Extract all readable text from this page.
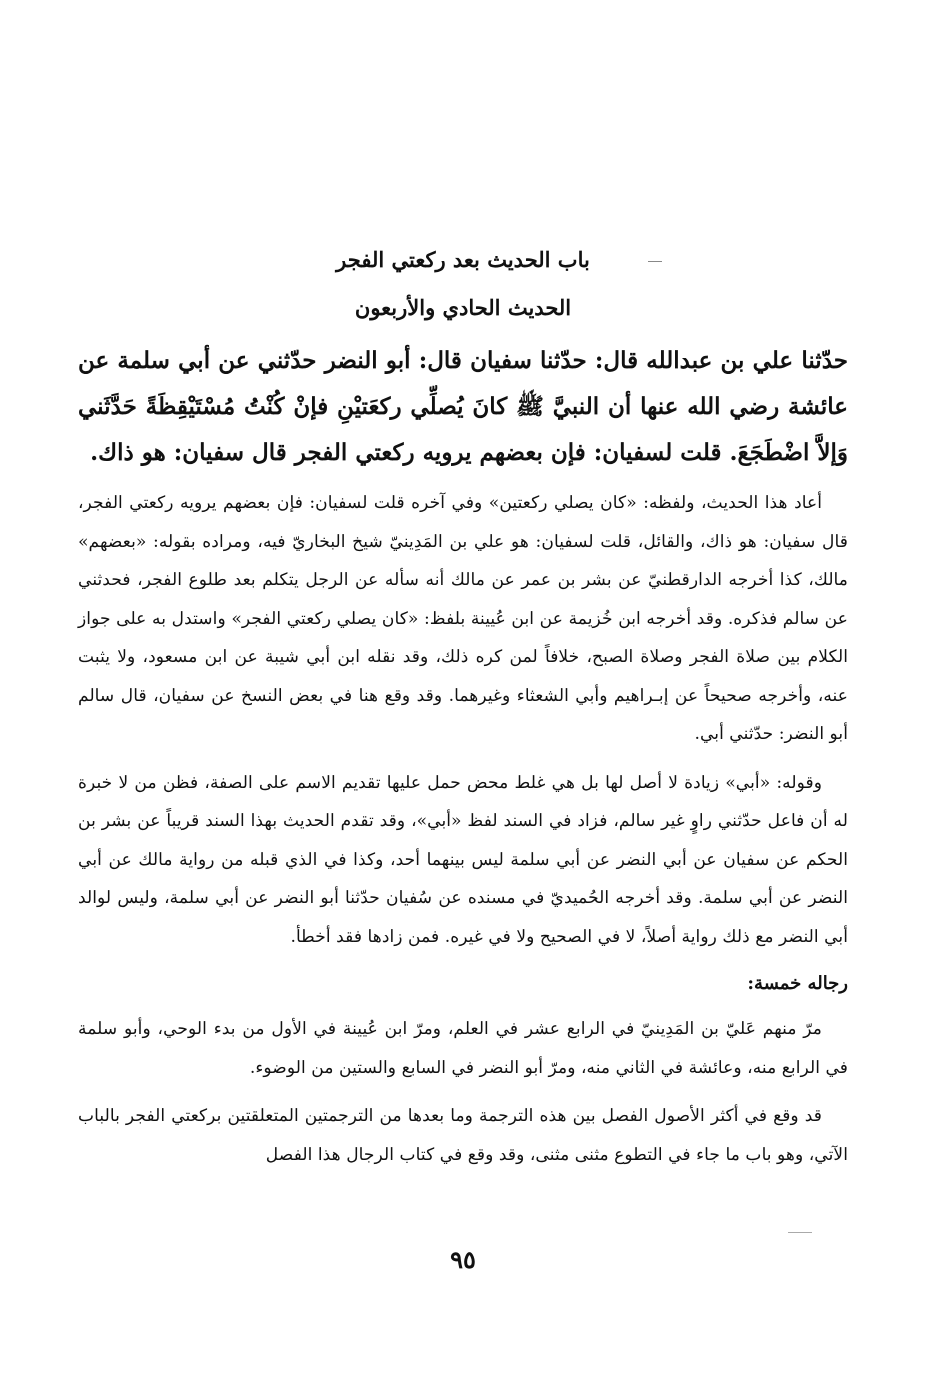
باب الحديث بعد ركعتي الفجر
الحديث الحادي والأربعون

حدّثنا علي بن عبدالله قال: حدّثنا سفيان قال: أبو النضر حدّثني عن أبي سلمة عن عائشة رضي الله عنها أن النبيَّ ﷺ كانَ يُصلِّي ركعَتيْنِ فإنْ كُنْتُ مُسْتَيْقِظَةً حَدَّثَني وَإلاَّ اضْطَجَعَ. قلت لسفيان: فإن بعضهم يرويه ركعتي الفجر قال سفيان: هو ذاك.

أعاد هذا الحديث، ولفظه: «كان يصلي ركعتين» وفي آخره قلت لسفيان: فإن بعضهم يرويه ركعتي الفجر، قال سفيان: هو ذاك، والقائل، قلت لسفيان: هو علي بن المَدِينيّ شيخ البخاريّ فيه، ومراده بقوله: «بعضهم» مالك، كذا أخرجه الدارقطنيّ عن بشر بن عمر عن مالك أنه سأله عن الرجل يتكلم بعد طلوع الفجر، فحدثني عن سالم فذكره. وقد أخرجه ابن خُزيمة عن ابن عُيينة بلفظ: «كان يصلي ركعتي الفجر» واستدل به على جواز الكلام بين صلاة الفجر وصلاة الصبح، خلافاً لمن كره ذلك، وقد نقله ابن أبي شيبة عن ابن مسعود، ولا يثبت عنه، وأخرجه صحيحاً عن إبـراهيم وأبي الشعثاء وغيرهما. وقد وقع هنا في بعض النسخ عن سفيان، قال سالم أبو النضر: حدّثني أبي.

وقوله: «أبي» زيادة لا أصل لها بل هي غلط محض حمل عليها تقديم الاسم على الصفة، فظن من لا خبرة له أن فاعل حدّثني راوٍ غير سالم، فزاد في السند لفظ «أبي»، وقد تقدم الحديث بهذا السند قريباً عن بشر بن الحكم عن سفيان عن أبي النضر عن أبي سلمة ليس بينهما أحد، وكذا في الذي قبله من رواية مالك عن أبي النضر عن أبي سلمة. وقد أخرجه الحُميديّ في مسنده عن سُفيان حدّثنا أبو النضر عن أبي سلمة، وليس لوالد أبي النضر مع ذلك رواية أصلاً، لا في الصحيح ولا في غيره. فمن زادها فقد أخطأ.

رجاله خمسة:

مرّ منهم عَليّ بن المَدِينيّ في الرابع عشر في العلم، ومرّ ابن عُيينة في الأول من بدء الوحي، وأبو سلمة في الرابع منه، وعائشة في الثاني منه، ومرّ أبو النضر في السابع والستين من الوضوء.

قد وقع في أكثر الأصول الفصل بين هذه الترجمة وما بعدها من الترجمتين المتعلقتين بركعتي الفجر بالباب الآتي، وهو باب ما جاء في التطوع مثنى مثنى، وقد وقع في كتاب الرجال هذا الفصل

٩٥
